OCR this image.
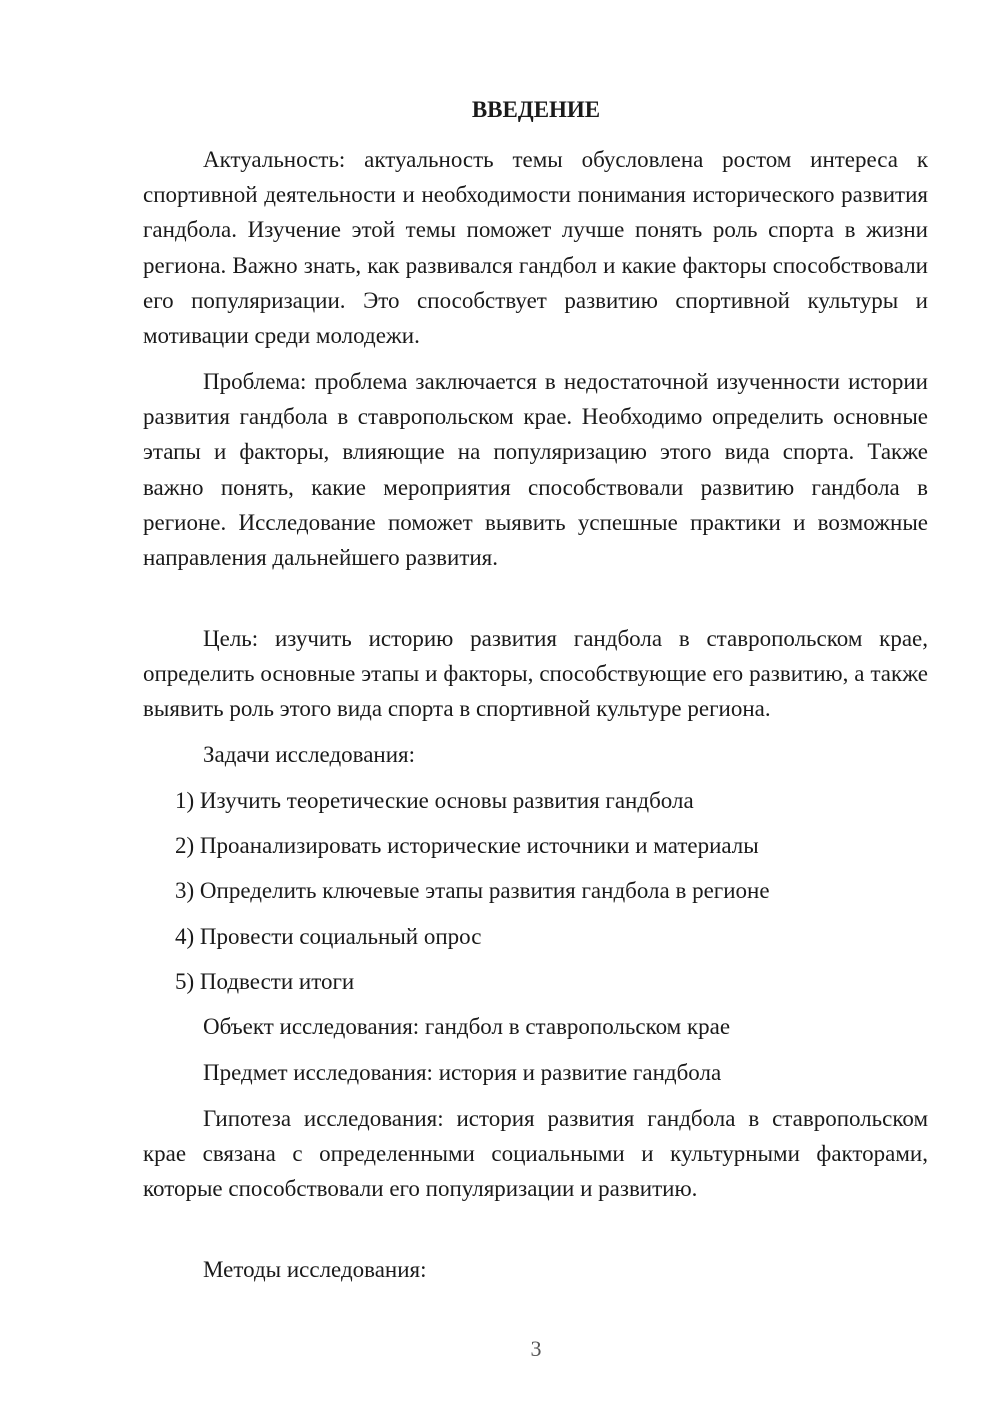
ВВЕДЕНИЕ

Актуальность: актуальность темы обусловлена ростом интереса к спортивной деятельности и необходимости понимания исторического развития гандбола. Изучение этой темы поможет лучше понять роль спорта в жизни региона. Важно знать, как развивался гандбол и какие факторы способствовали его популяризации. Это способствует развитию спортивной культуры и мотивации среди молодежи.

Проблема: проблема заключается в недостаточной изученности истории развития гандбола в ставропольском крае. Необходимо определить основные этапы и факторы, влияющие на популяризацию этого вида спорта. Также важно понять, какие мероприятия способствовали развитию гандбола в регионе. Исследование поможет выявить успешные практики и возможные направления дальнейшего развития.

Цель: изучить историю развития гандбола в ставропольском крае, определить основные этапы и факторы, способствующие его развитию, а также выявить роль этого вида спорта в спортивной культуре региона.

Задачи исследования:

1) Изучить теоретические основы развития гандбола
2) Проанализировать исторические источники и материалы
3) Определить ключевые этапы развития гандбола в регионе
4) Провести социальный опрос
5) Подвести итоги

Объект исследования: гандбол в ставропольском крае

Предмет исследования: история и развитие гандбола

Гипотеза исследования: история развития гандбола в ставропольском крае связана с определенными социальными и культурными факторами, которые способствовали его популяризации и развитию.

Методы исследования:

3
